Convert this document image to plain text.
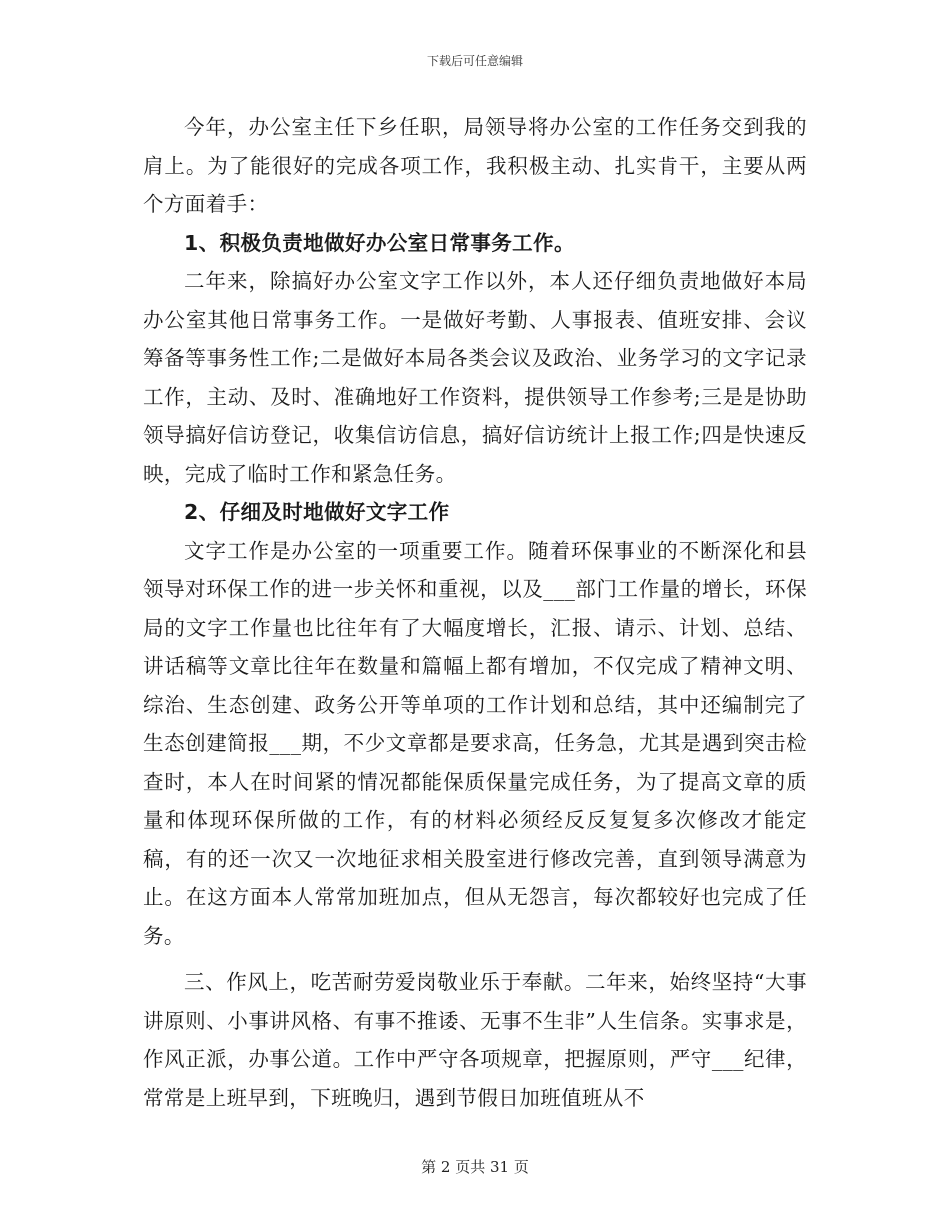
下载后可任意编辑

今年，办公室主任下乡任职，局领导将办公室的工作任务交到我的肩上。为了能很好的完成各项工作，我积极主动、扎实肯干，主要从两个方面着手：

1、积极负责地做好办公室日常事务工作。

二年来，除搞好办公室文字工作以外，本人还仔细负责地做好本局办公室其他日常事务工作。一是做好考勤、人事报表、值班安排、会议筹备等事务性工作;二是做好本局各类会议及政治、业务学习的文字记录工作，主动、及时、准确地好工作资料，提供领导工作参考;三是是协助领导搞好信访登记，收集信访信息，搞好信访统计上报工作;四是快速反映，完成了临时工作和紧急任务。

2、仔细及时地做好文字工作

文字工作是办公室的一项重要工作。随着环保事业的不断深化和县领导对环保工作的进一步关怀和重视，以及___部门工作量的增长，环保局的文字工作量也比往年有了大幅度增长，汇报、请示、计划、总结、讲话稿等文章比往年在数量和篇幅上都有增加，不仅完成了精神文明、综治、生态创建、政务公开等单项的工作计划和总结，其中还编制完了生态创建简报___期，不少文章都是要求高，任务急，尤其是遇到突击检查时，本人在时间紧的情况都能保质保量完成任务，为了提高文章的质量和体现环保所做的工作，有的材料必须经反反复复多次修改才能定稿，有的还一次又一次地征求相关股室进行修改完善，直到领导满意为止。在这方面本人常常加班加点，但从无怨言，每次都较好也完成了任务。

三、作风上，吃苦耐劳爱岗敬业乐于奉献。二年来，始终坚持“大事讲原则、小事讲风格、有事不推诿、无事不生非”人生信条。实事求是，作风正派，办事公道。工作中严守各项规章，把握原则，严守___纪律，常常是上班早到，下班晚归，遇到节假日加班值班从不

第 2 页共 31 页
